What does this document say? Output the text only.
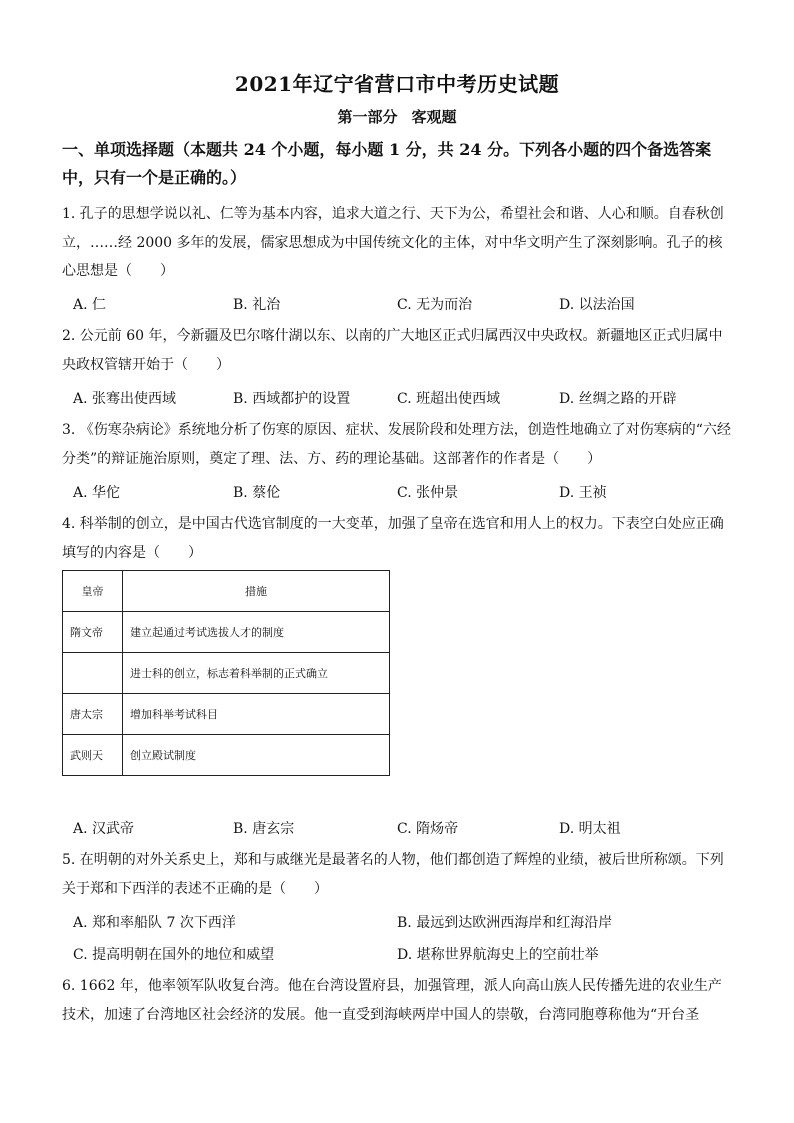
2021年辽宁省营口市中考历史试题
第一部分 客观题
一、单项选择题（本题共 24 个小题，每小题 1 分，共 24 分。下列各小题的四个备选答案中，只有一个是正确的。）
1. 孔子的思想学说以礼、仁等为基本内容，追求大道之行、天下为公，希望社会和谐、人心和顺。自春秋创立，……经 2000 多年的发展，儒家思想成为中国传统文化的主体，对中华文明产生了深刻影响。孔子的核心思想是（　　）
A. 仁	B. 礼治	C. 无为而治	D. 以法治国
2. 公元前 60 年，今新疆及巴尔喀什湖以东、以南的广大地区正式归属西汉中央政权。新疆地区正式归属中央政权管辖开始于（　　）
A. 张骞出使西域	B. 西域都护的设置	C. 班超出使西域	D. 丝绸之路的开辟
3. 《伤寒杂病论》系统地分析了伤寒的原因、症状、发展阶段和处理方法，创造性地确立了对伤寒病的“六经分类”的辩证施治原则，奠定了理、法、方、药的理论基础。这部著作的作者是（　　）
A. 华佗	B. 蔡伦	C. 张仲景	D. 王祯
4. 科举制的创立，是中国古代选官制度的一大变革，加强了皇帝在选官和用人上的权力。下表空白处应正确填写的内容是（　　）
皇帝	措施
隋文帝	建立起通过考试选拔人才的制度
	进士科的创立，标志着科举制的正式确立
唐太宗	增加科举考试科目
武则天	创立殿试制度
A. 汉武帝	B. 唐玄宗	C. 隋炀帝	D. 明太祖
5. 在明朝的对外关系史上，郑和与戚继光是最著名的人物，他们都创造了辉煌的业绩，被后世所称颂。下列关于郑和下西洋的表述不正确的是（　　）
A. 郑和率船队 7 次下西洋	B. 最远到达欧洲西海岸和红海沿岸
C. 提高明朝在国外的地位和威望	D. 堪称世界航海史上的空前壮举
6. 1662 年，他率领军队收复台湾。他在台湾设置府县，加强管理，派人向高山族人民传播先进的农业生产技术，加速了台湾地区社会经济的发展。他一直受到海峡两岸中国人的崇敬，台湾同胞尊称他为“开台圣
